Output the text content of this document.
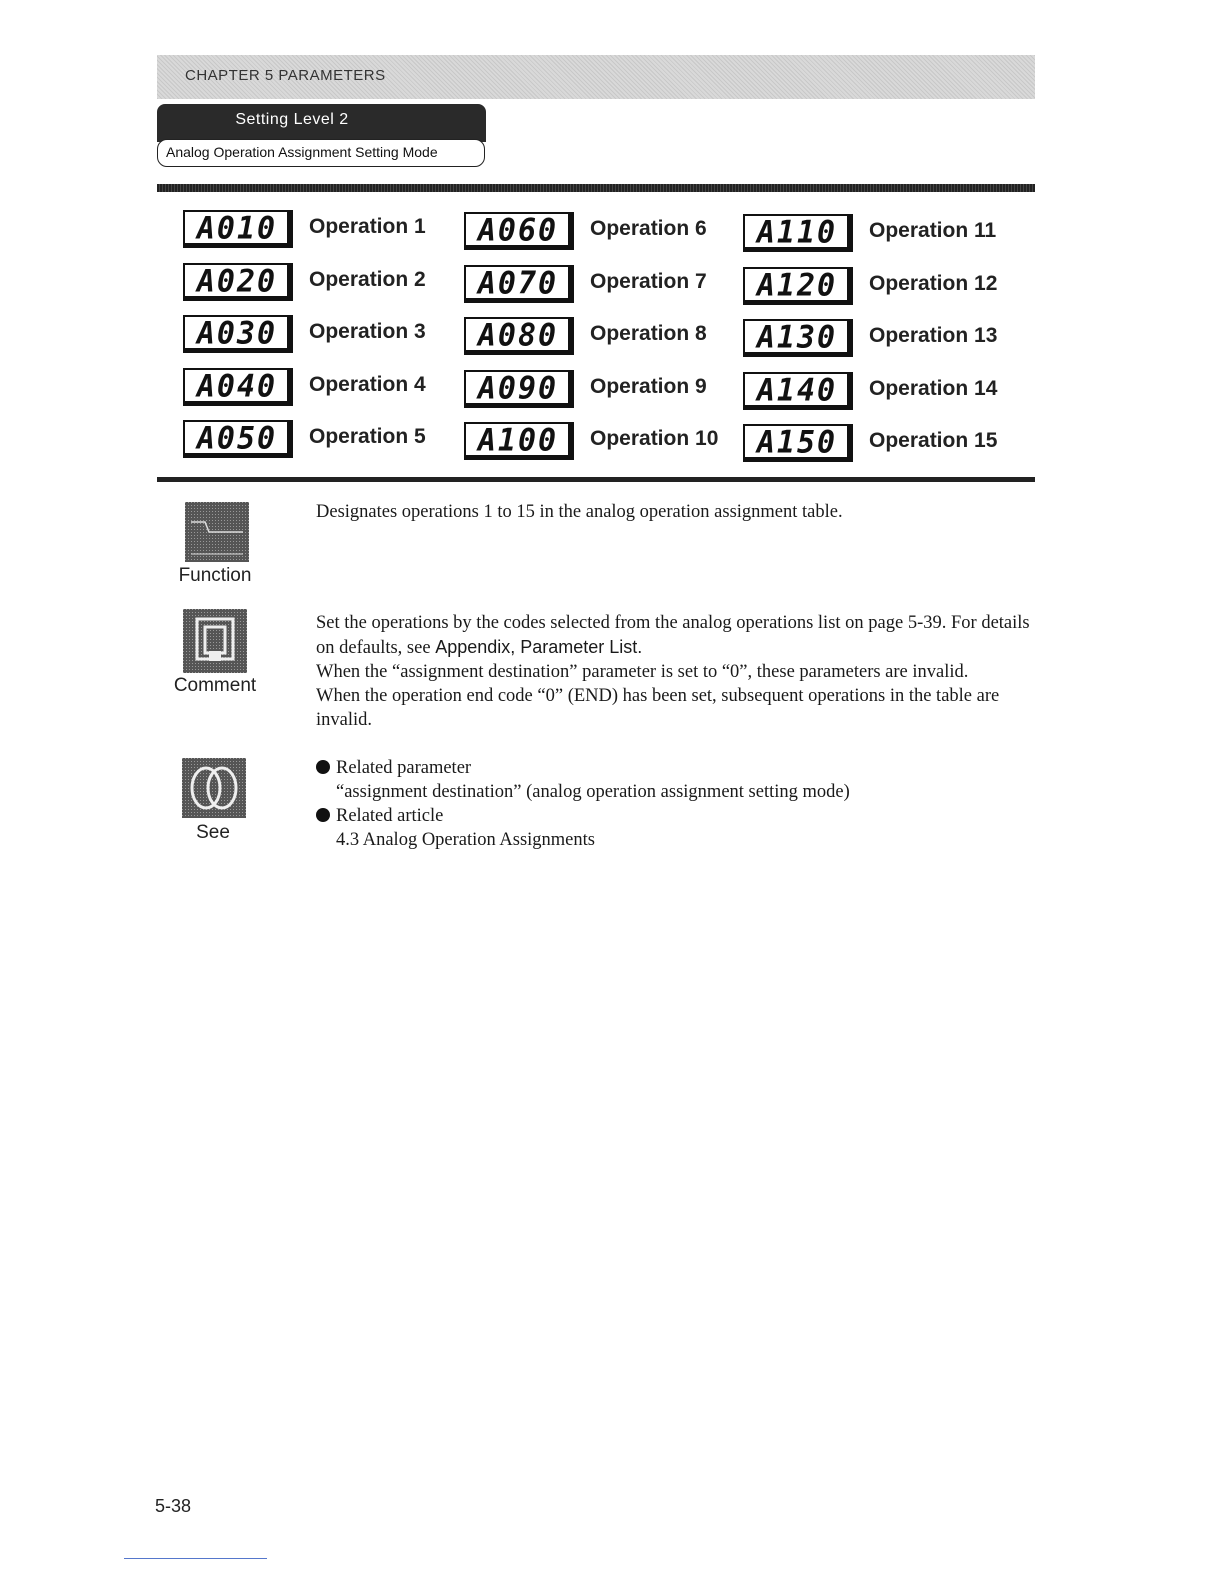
CHAPTER 5 PARAMETERS
Setting Level 2
Analog Operation Assignment Setting Mode
A010	Operation 1
A020	Operation 2
A030	Operation 3
A040	Operation 4
A050	Operation 5
A060	Operation 6
A070	Operation 7
A080	Operation 8
A090	Operation 9
A100	Operation 10
A110	Operation 11
A120	Operation 12
A130	Operation 13
A140	Operation 14
A150	Operation 15
Function

Designates operations 1 to 15 in the analog operation assignment table.

Comment

Set the operations by the codes selected from the analog operations list on page 5-39. For details on defaults, see Appendix, Parameter List.

When the “assignment destination” parameter is set to “0”, these parameters are invalid.

When the operation end code “0” (END) has been set, subsequent operations in the table are invalid.

See

Related parameter

“assignment destination” (analog operation assignment setting mode)

Related article

4.3 Analog Operation Assignments

5-38
